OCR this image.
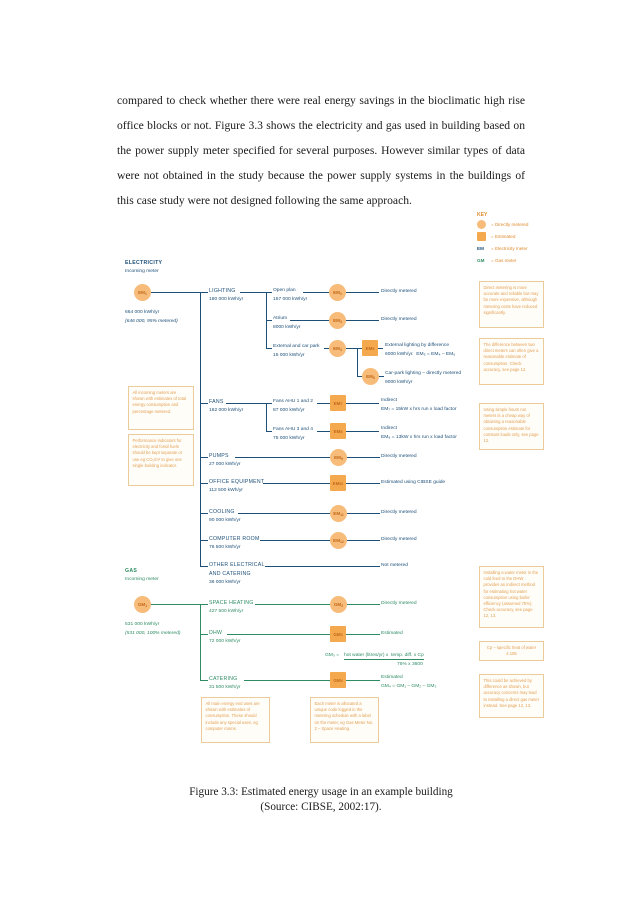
compared to check whether there were real energy savings in the bioclimatic high rise office blocks or not. Figure 3.3 shows the electricity and gas used in building based on the power supply meter specified for several purposes. However similar types of data were not obtained in the study because the power supply systems in the buildings of this case study were not designed following the same approach.
KEY
= Directly metered
= Estimated
EM	= Electricity meter
GM	= Gas meter
ELECTRICITY
Incoming meter
$EM_1$
664 000 kWh/yr
(646 000, 95% metered)
LIGHTING
180 000 kWh/yr
Open plan
157 000 kWh/yr
$EM_2$	Directly metered
Atrium
8000 kWh/yr
$EM_3$	Directly metered
External and car park
15 000 kWh/yr
$EM_4$	$EM_5$
External lighting by difference
6000 kWh/yr.  EM₅ = EM₄ – EM₆
$EM_6$
Car-park lighting – directly metered
9000 kWh/yr
FANS
162 000 kWh/yr
Fans AHU 1 and 2
87 000 kWh/yr
$EM_7$
Indirect
EM₇ = 15kW x hrs run x load factor
Fans AHU 3 and 4
75 000 kWh/yr
$EM_8$
Indirect
EM₈ = 13kW x hrs run x load factor
PUMPS
27 000 kWh/yr
$EM_9$	Directly metered
OFFICE EQUIPMENT
112 500 kWh/yr
$EM_{10}$	Estimated using CIBSE guide
COOLING
90 000 kWh/yr
$EM_{11}$	Directly metered
COMPUTER ROOM
76 500 kWh/yr
$EM_{12}$	Directly metered
OTHER ELECTRICAL
AND CATERING
36 000 kWh/yr
Not metered
GAS
Incoming meter
$GM_1$
531 000 kWh/yr
(531 000, 100% metered)
SPACE HEATING
427 500 kWh/yr
$GM_2$	Directly metered
DHW
72 000 kWh/yr
$GM_3$	Estimated
GM₃ = hot water (litres/yr) x  temp. diff. x Cp
75% x 3600
CATERING
31 500 kWh/yr
$GM_4$
Estimated
GM₄ = GM₁ – GM₂ – GM₃
All incoming meters are shown with estimates of total energy consumption and percentage metered.
Performance indicators for electricity and fossil fuels should be kept separate or use eg CO₂/m² to give one single building indicator.
Direct metering is more accurate and reliable but may be more expensive, although metering costs have reduced significantly.
The difference between two direct meters can often give a reasonable estimate of consumption. Check accuracy, see page 12.
Using simple hours run meters is a cheap way of obtaining a reasonable consumption estimate for constant loads only, see page 12.
Installing a water meter in the cold feed to the DHW provides an indirect method for estimating hot water consumption using boiler efficiency (assumed 75%). Check accuracy, see page 12, 13.
Cp – specific heat of water 4.185
This could be achieved by difference as shown, but accuracy concerns may lead to installing a direct gas meter instead. See page 12, 13.
All main energy end uses are shown with estimates of consumption. These should include any special uses, eg computer rooms.
Each meter is allocated a unique code logged in the metering schedule with a label on the meter, eg Gas Meter No. 2 – Space Heating.
Figure 3.3: Estimated energy usage in an example building
(Source: CIBSE, 2002:17).
